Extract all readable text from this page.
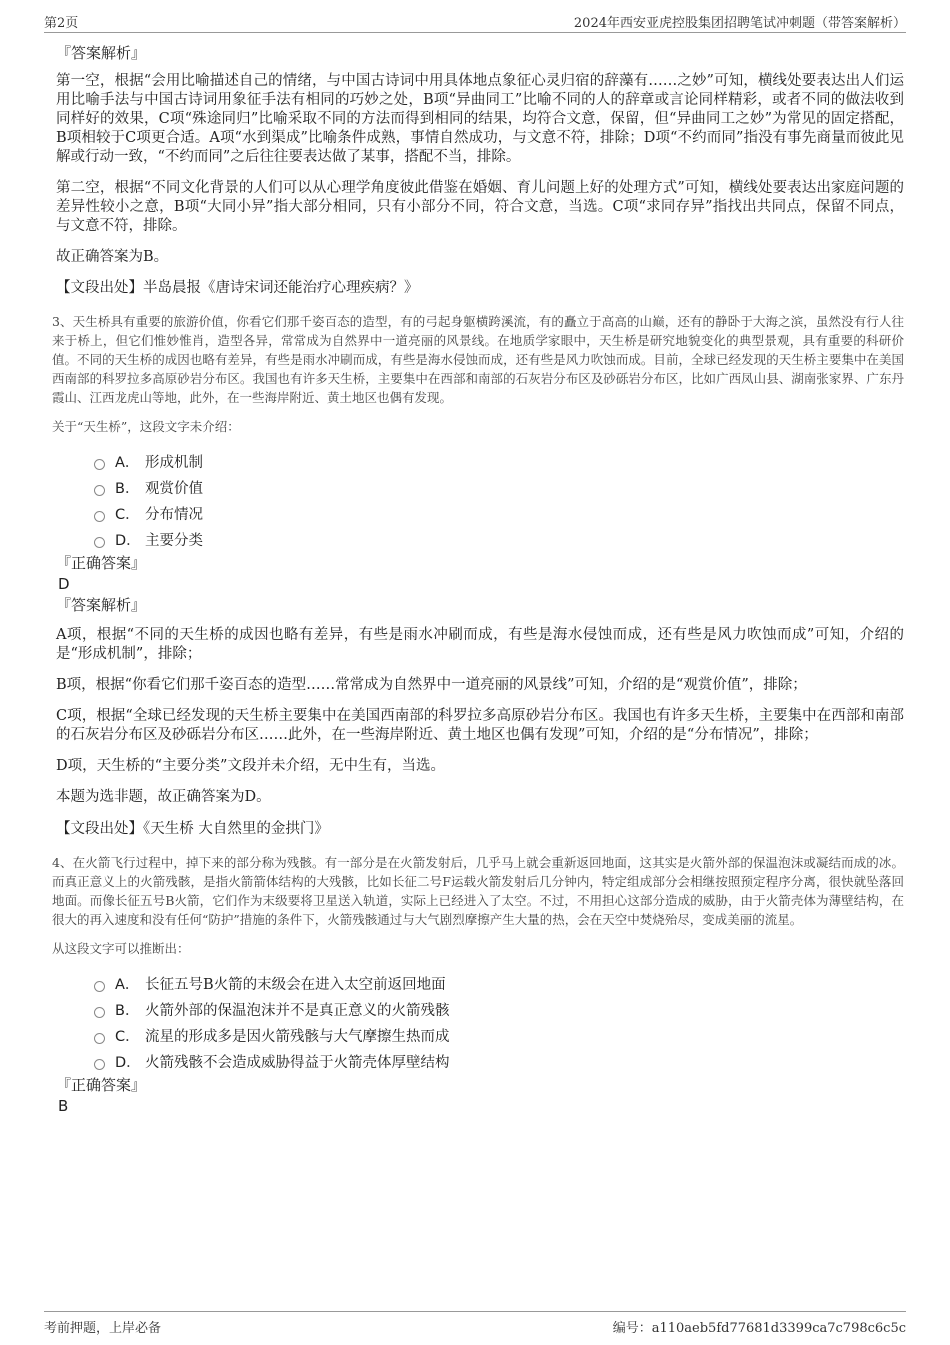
第2页	2024年西安亚虎控股集团招聘笔试冲刺题（带答案解析）

『答案解析』

第一空，根据“会用比喻描述自己的情绪，与中国古诗词中用具体地点象征心灵归宿的辞藻有……之妙”可知，横线处要表达出人们运用比喻手法与中国古诗词用象征手法有相同的巧妙之处，B项“异曲同工”比喻不同的人的辞章或言论同样精彩，或者不同的做法收到同样好的效果，C项“殊途同归”比喻采取不同的方法而得到相同的结果，均符合文意，保留，但“异曲同工之妙”为常见的固定搭配，B项相较于C项更合适。A项“水到渠成”比喻条件成熟，事情自然成功，与文意不符，排除；D项“不约而同”指没有事先商量而彼此见解或行动一致，“不约而同”之后往往要表达做了某事，搭配不当，排除。

第二空，根据“不同文化背景的人们可以从心理学角度彼此借鉴在婚姻、育儿问题上好的处理方式”可知，横线处要表达出家庭问题的差异性较小之意，B项“大同小异”指大部分相同，只有小部分不同，符合文意，当选。C项“求同存异”指找出共同点，保留不同点，与文意不符，排除。

故正确答案为B。

【文段出处】半岛晨报《唐诗宋词还能治疗心理疾病？》

3、天生桥具有重要的旅游价值，你看它们那千姿百态的造型，有的弓起身躯横跨溪流，有的矗立于高高的山巅，还有的静卧于大海之滨，虽然没有行人往来于桥上，但它们惟妙惟肖，造型各异，常常成为自然界中一道亮丽的风景线。在地质学家眼中，天生桥是研究地貌变化的典型景观，具有重要的科研价值。不同的天生桥的成因也略有差异，有些是雨水冲刷而成，有些是海水侵蚀而成，还有些是风力吹蚀而成。目前，全球已经发现的天生桥主要集中在美国西南部的科罗拉多高原砂岩分布区。我国也有许多天生桥，主要集中在西部和南部的石灰岩分布区及砂砾岩分布区，比如广西凤山县、湖南张家界、广东丹霞山、江西龙虎山等地，此外，在一些海岸附近、黄土地区也偶有发现。

关于“天生桥”，这段文字未介绍：

A． 形成机制
B． 观赏价值
C． 分布情况
D． 主要分类

『正确答案』

D

『答案解析』

A项，根据“不同的天生桥的成因也略有差异，有些是雨水冲刷而成，有些是海水侵蚀而成，还有些是风力吹蚀而成”可知，介绍的是“形成机制”，排除；

B项，根据“你看它们那千姿百态的造型……常常成为自然界中一道亮丽的风景线”可知，介绍的是“观赏价值”，排除；

C项，根据“全球已经发现的天生桥主要集中在美国西南部的科罗拉多高原砂岩分布区。我国也有许多天生桥，主要集中在西部和南部的石灰岩分布区及砂砾岩分布区……此外，在一些海岸附近、黄土地区也偶有发现”可知，介绍的是“分布情况”，排除；

D项，天生桥的“主要分类”文段并未介绍，无中生有，当选。

本题为选非题，故正确答案为D。

【文段出处】《天生桥 大自然里的金拱门》

4、在火箭飞行过程中，掉下来的部分称为残骸。有一部分是在火箭发射后，几乎马上就会重新返回地面，这其实是火箭外部的保温泡沫或凝结而成的冰。而真正意义上的火箭残骸，是指火箭箭体结构的大残骸，比如长征二号F运载火箭发射后几分钟内，特定组成部分会相继按照预定程序分离，很快就坠落回地面。而像长征五号B火箭，它们作为末级要将卫星送入轨道，实际上已经进入了太空。不过，不用担心这部分造成的威胁，由于火箭壳体为薄壁结构，在很大的再入速度和没有任何“防护”措施的条件下，火箭残骸通过与大气剧烈摩擦产生大量的热，会在天空中焚烧殆尽，变成美丽的流星。

从这段文字可以推断出：

A． 长征五号B火箭的末级会在进入太空前返回地面
B． 火箭外部的保温泡沫并不是真正意义的火箭残骸
C． 流星的形成多是因火箭残骸与大气摩擦生热而成
D． 火箭残骸不会造成威胁得益于火箭壳体厚壁结构

『正确答案』

B

考前押题，上岸必备	编号：a110aeb5fd77681d3399ca7c798c6c5c
